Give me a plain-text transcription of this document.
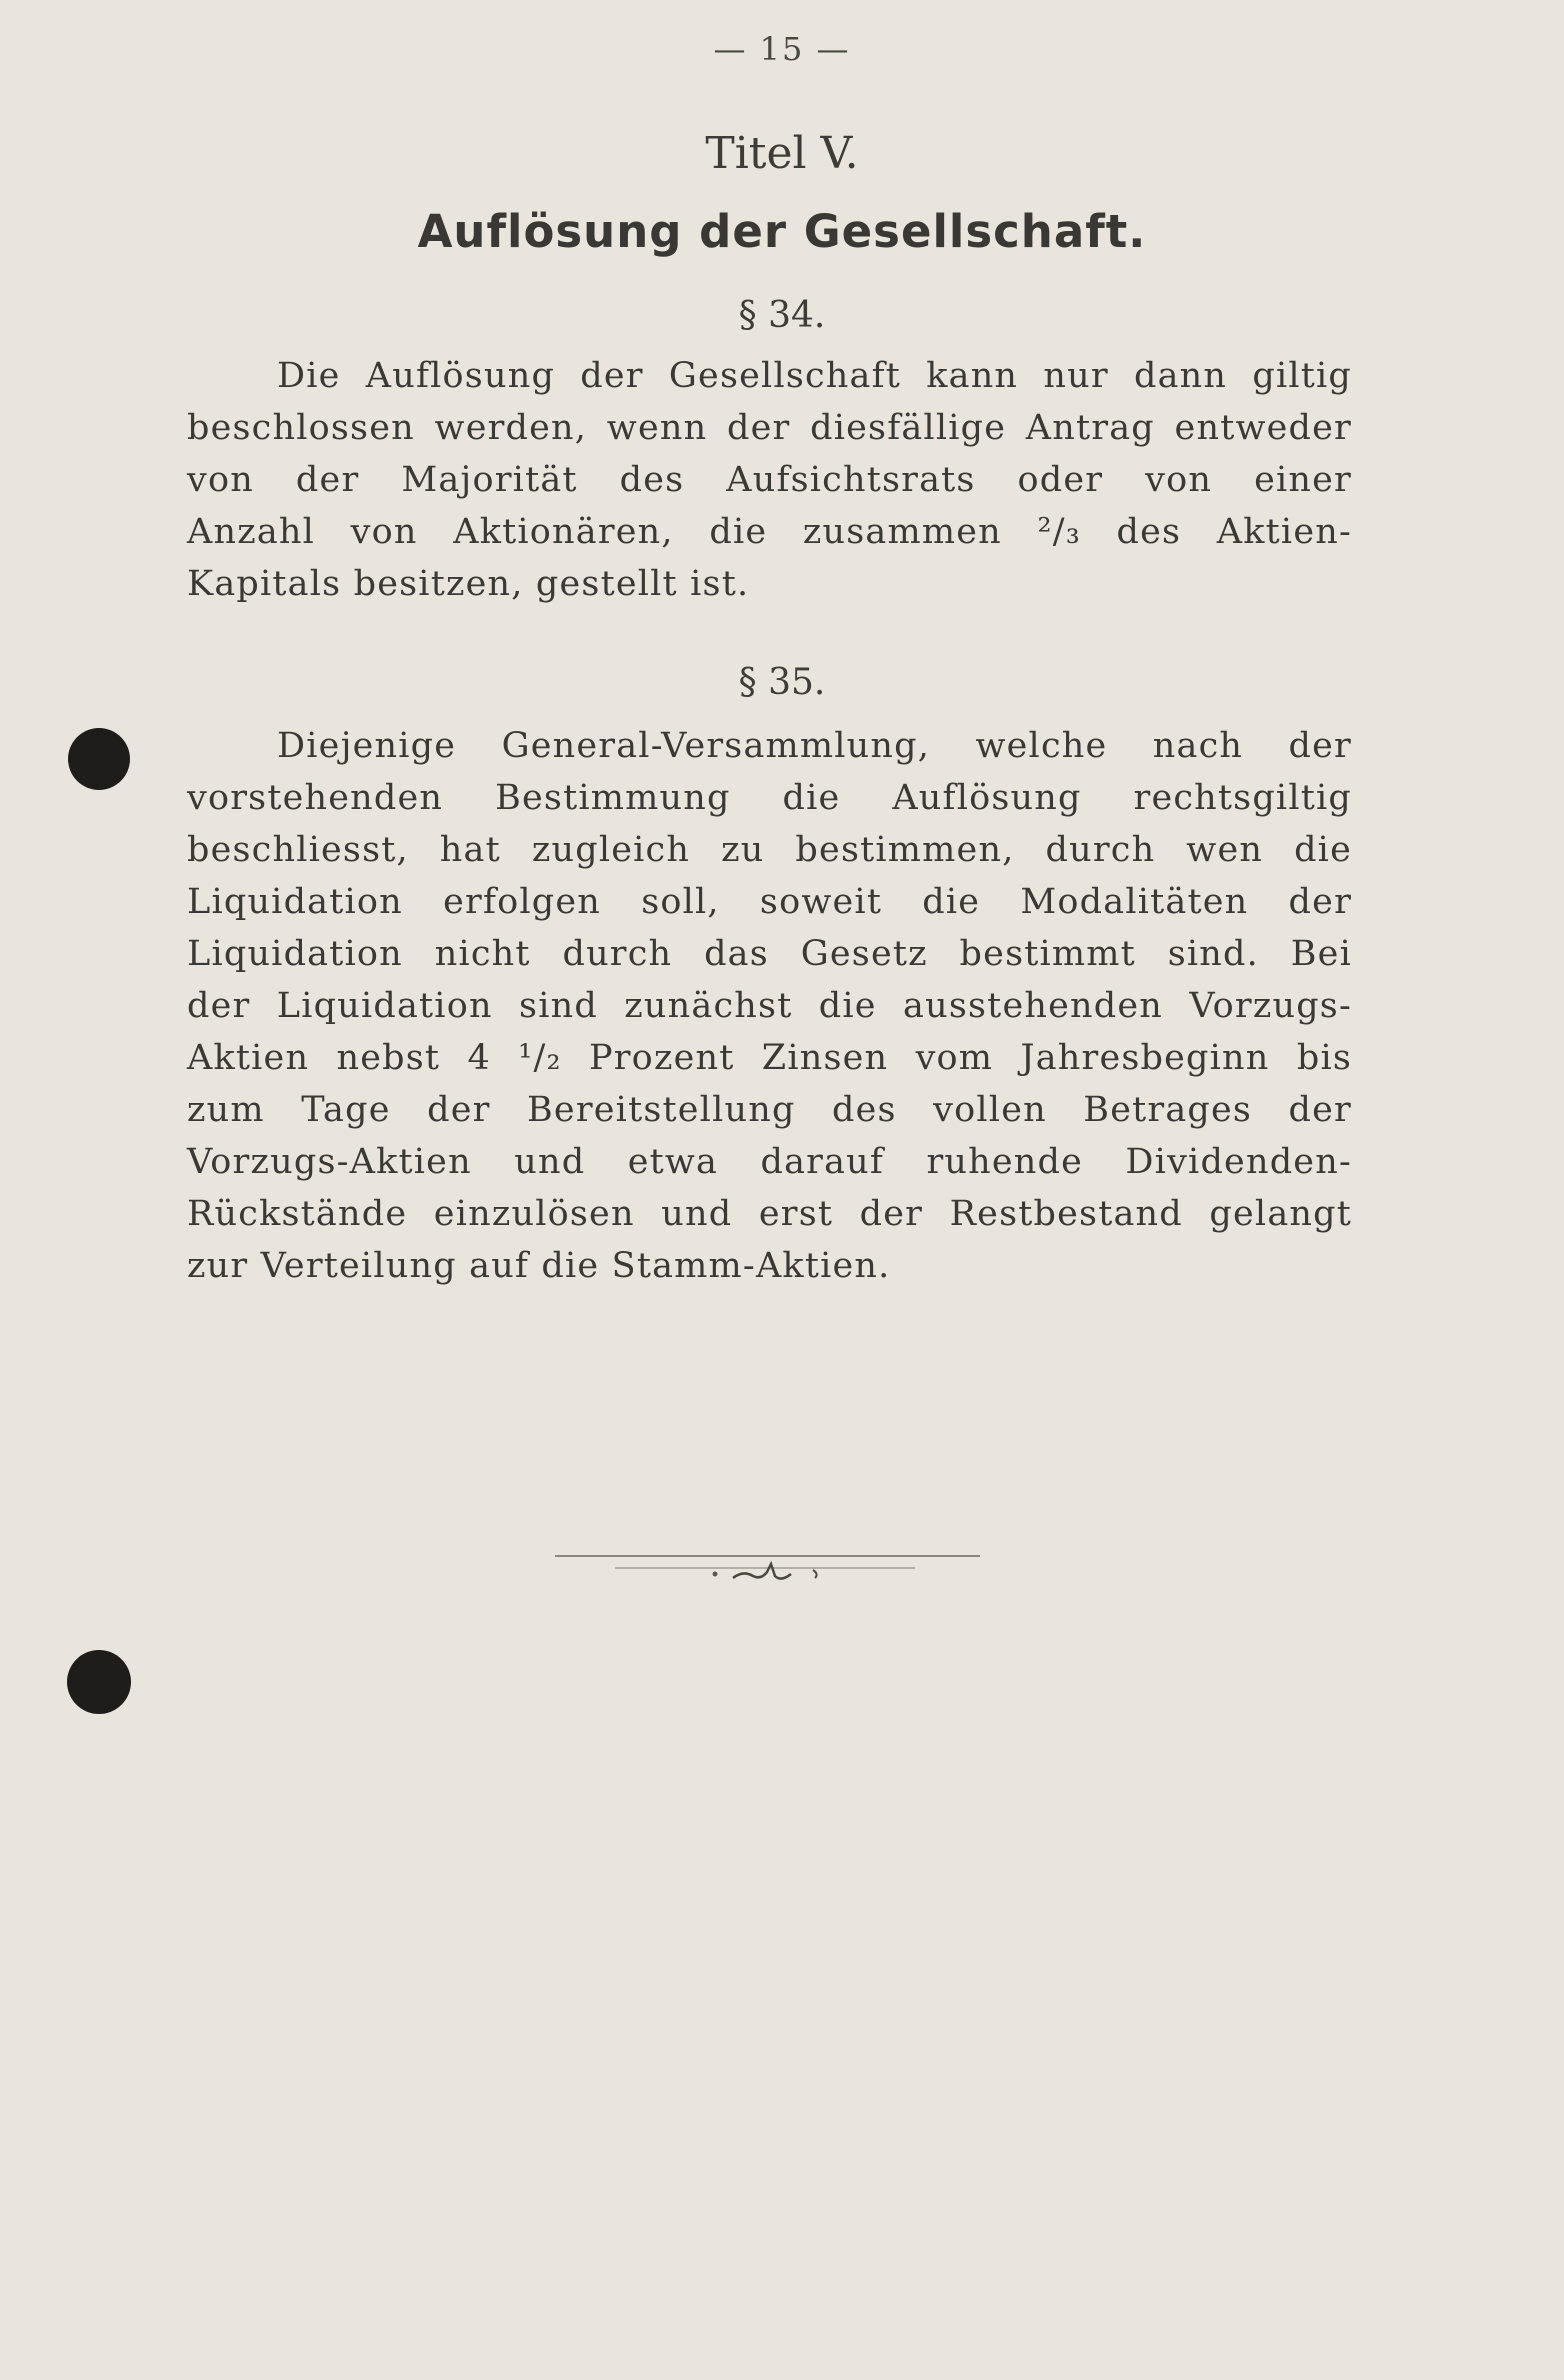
— 15 —
Titel V.
Auflösung der Gesellschaft.
§ 34.
Die Auflösung der Gesellschaft kann nur dann giltig
beschlossen werden, wenn der diesfällige Antrag entweder
von der Majorität des Aufsichtsrats oder von einer
Anzahl von Aktionären, die zusammen ²/₃ des Aktien-
Kapitals besitzen, gestellt ist.
§ 35.
Diejenige General-Versammlung, welche nach der
vorstehenden Bestimmung die Auflösung rechtsgiltig
beschliesst, hat zugleich zu bestimmen, durch wen die
Liquidation erfolgen soll, soweit die Modalitäten der
Liquidation nicht durch das Gesetz bestimmt sind. Bei
der Liquidation sind zunächst die ausstehenden Vorzugs-
Aktien nebst 4 ¹/₂ Prozent Zinsen vom Jahresbeginn bis
zum Tage der Bereitstellung des vollen Betrages der
Vorzugs-Aktien und etwa darauf ruhende Dividenden-
Rückstände einzulösen und erst der Restbestand gelangt
zur Verteilung auf die Stamm-Aktien.
